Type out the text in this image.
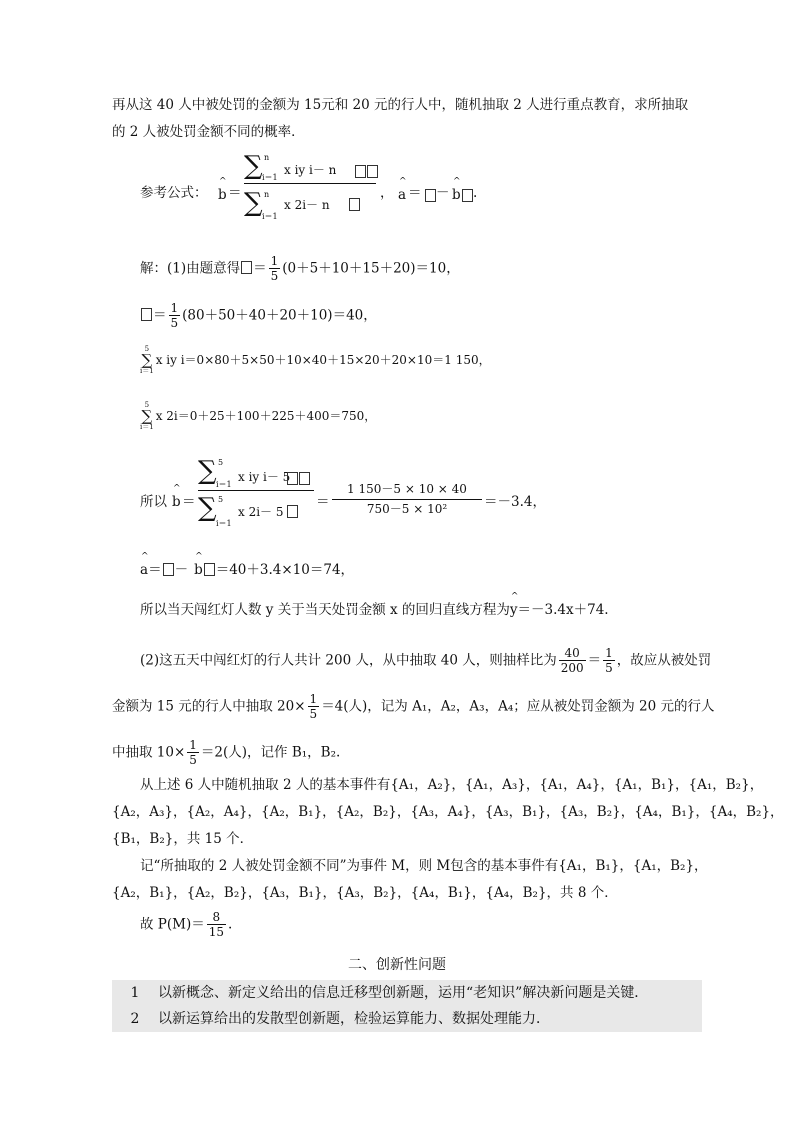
再从这 40 人中被处罚的金额为 15元和 20 元的行人中，随机抽取 2 人进行重点教育，求所抽取
的 2 人被处罚金额不同的概率．
参考公式： ^ b ＝
∑ n
i＝1
x iy i－ n
∑ n
i＝1
x 2i－ n
， ^ a ＝ － ^ b .
解：(1)由题意得 ＝ $\frac{1}{5} (0+5+10+15+20)=10$，
＝ $\frac{1}{5} (80+50+40+20+10)=40$，
5
∑
i＝1
x iy i＝0×80＋5×50＋10×40＋15×20＋20×10＝1 150，
5
∑
i＝1
x 2i＝0＋25＋100＋225＋400＝750，
所以 ^ b ＝
∑ 5
i＝1
x iy i－ 5
∑ 5
i＝1
x 2i－ 5
＝
1 150－5 × 10 × 40
750－5 × 10²	＝－3.4，
^ a＝ － ^ b ＝40＋3.4×10＝74，
所以当天闯红灯人数 y 关于当天处罚金额 x 的回归直线方程为^ y＝－3.4x＋74.
(2)这五天中闯红灯的行人共计 200 人，从中抽取 40 人，则抽样比为 $\frac{40}{200} = \frac{1}{5}$ ，故应从被处罚
金额为 15 元的行人中抽取 $20\times \frac{1}{5} =4$(人)，记为 A₁，A₂，A₃，A₄；应从被处罚金额为 20 元的行人
中抽取 $10\times \frac{1}{5} =2$(人)，记作 B₁，B₂.
从上述 6 人中随机抽取 2 人的基本事件有{A₁，A₂}，{A₁，A₃}，{A₁，A₄}，{A₁，B₁}，{A₁，B₂}，
{A₂，A₃}，{A₂，A₄}，{A₂，B₁}，{A₂，B₂}，{A₃，A₄}，{A₃，B₁}，{A₃，B₂}，{A₄，B₁}，{A₄，B₂}，
{B₁，B₂}，共 15 个．
记“所抽取的 2 人被处罚金额不同”为事件 M，则 M包含的基本事件有{A₁，B₁}，{A₁，B₂}，
{A₂，B₁}，{A₂，B₂}，{A₃，B₁}，{A₃，B₂}，{A₄，B₁}，{A₄，B₂}，共 8 个．
故 $P(M)= \frac{8}{15}$ .
二、创新性问题
1 以新概念、新定义给出的信息迁移型创新题，运用“老知识”解决新问题是关键．
2 以新运算给出的发散型创新题，检验运算能力、数据处理能力．
